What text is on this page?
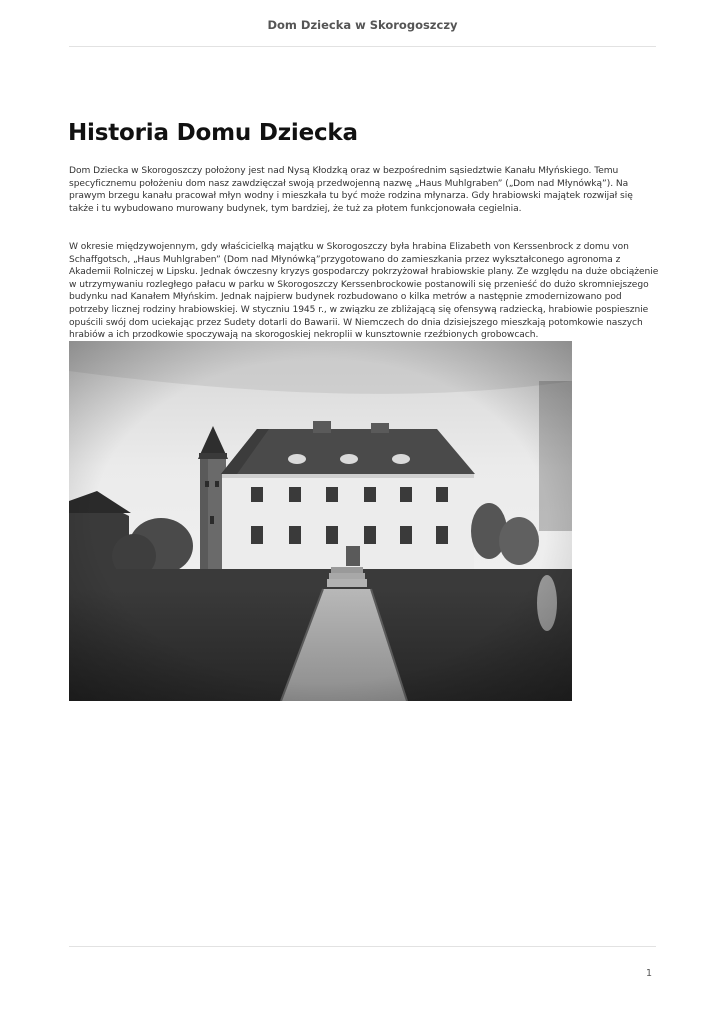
Dom Dziecka w Skorogoszczy
Historia Domu Dziecka

Dom Dziecka w Skorogoszczy położony jest nad Nysą Kłodzką oraz w bezpośrednim sąsiedztwie Kanału Młyńskiego. Temu specyficznemu położeniu dom nasz zawdzięczał swoją przedwojenną nazwę „Haus Muhlgraben” („Dom nad Młynówką”). Na prawym brzegu kanału pracował młyn wodny i mieszkała tu być może rodzina młynarza. Gdy hrabiowski majątek rozwijał się także i tu wybudowano murowany budynek, tym bardziej, że tuż za płotem funkcjonowała cegielnia.

W okresie międzywojennym, gdy właścicielką majątku w Skorogoszczy była hrabina Elizabeth von Kerssenbrock z domu von Schaffgotsch, „Haus Muhlgraben” (Dom nad Młynówką”przygotowano do zamieszkania przez wykształconego agronoma z Akademii Rolniczej w Lipsku. Jednak ówczesny kryzys gospodarczy pokrzyżował hrabiowskie plany. Ze względu na duże obciążenie w utrzymywaniu rozległego pałacu w parku w Skorogoszczy Kerssenbrockowie postanowili się przenieść do dużo skromniejszego budynku nad Kanałem Młyńskim. Jednak najpierw budynek rozbudowano o kilka metrów a następnie zmodernizowano pod potrzeby licznej rodziny hrabiowskiej. W styczniu 1945 r., w związku ze zbliżającą się ofensywą radziecką, hrabiowie pospiesznie opuścili swój dom uciekając przez Sudety dotarli do Bawarii. W Niemczech do dnia dzisiejszego mieszkają potomkowie naszych hrabiów a ich przodkowie spoczywają na skorogoskiej nekroplii w kunsztownie rzeźbionych grobowcach.

1
